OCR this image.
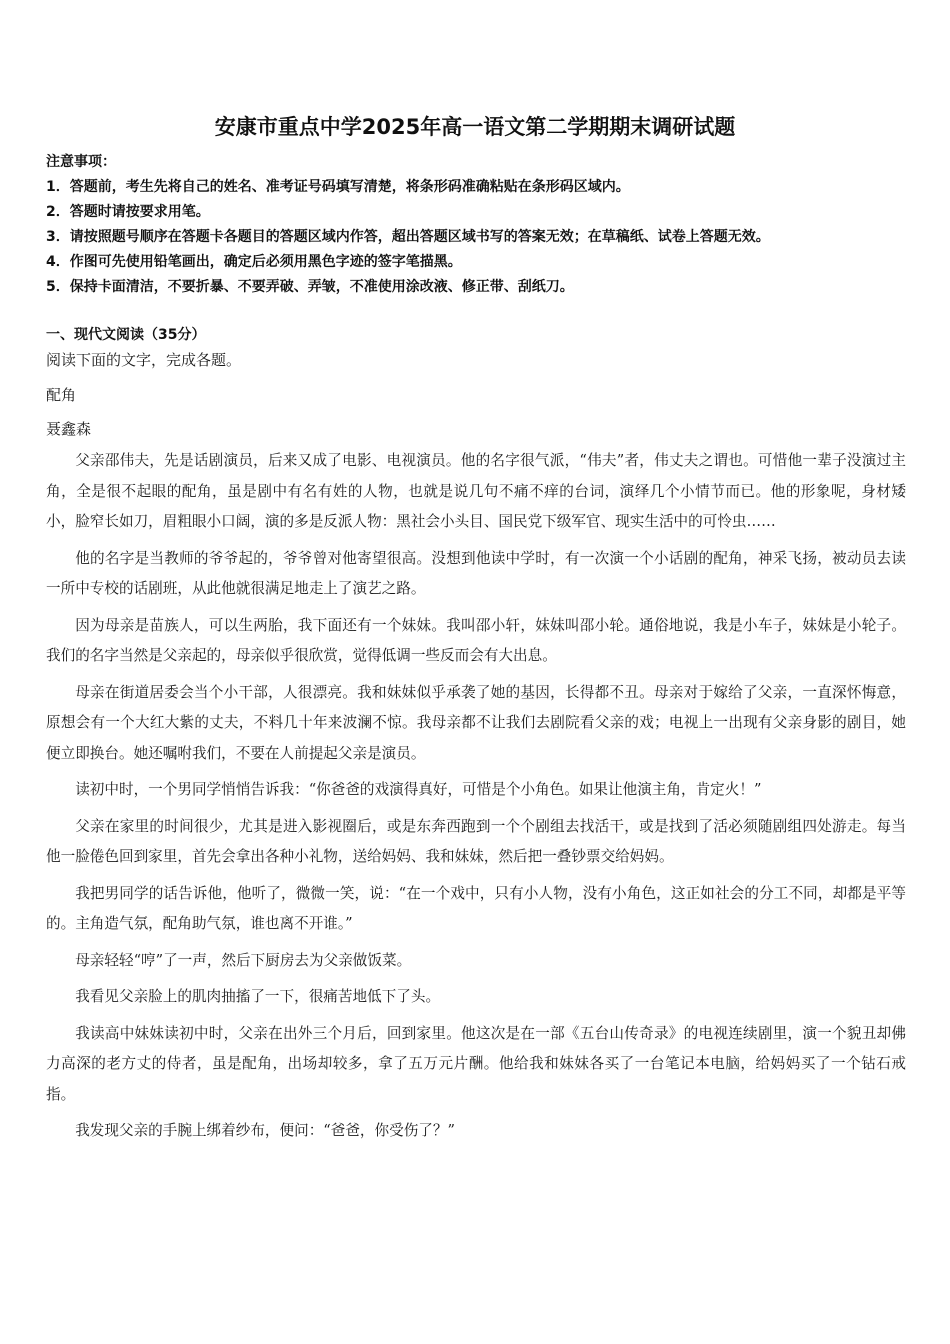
安康市重点中学2025年高一语文第二学期期末调研试题
注意事项：
1．答题前，考生先将自己的姓名、准考证号码填写清楚，将条形码准确粘贴在条形码区域内。
2．答题时请按要求用笔。
3．请按照题号顺序在答题卡各题目的答题区域内作答，超出答题区域书写的答案无效；在草稿纸、试卷上答题无效。
4．作图可先使用铅笔画出，确定后必须用黑色字迹的签字笔描黑。
5．保持卡面清洁，不要折暴、不要弄破、弄皱，不准使用涂改液、修正带、刮纸刀。
一、现代文阅读（35分）
阅读下面的文字，完成各题。
配角
聂鑫森

父亲邵伟夫，先是话剧演员，后来又成了电影、电视演员。他的名字很气派，“伟夫”者，伟丈夫之谓也。可惜他一辈子没演过主角，全是很不起眼的配角，虽是剧中有名有姓的人物，也就是说几句不痛不痒的台词，演绎几个小情节而已。他的形象呢，身材矮小，脸窄长如刀，眉粗眼小口阔，演的多是反派人物：黑社会小头目、国民党下级军官、现实生活中的可怜虫……

他的名字是当教师的爷爷起的，爷爷曾对他寄望很高。没想到他读中学时，有一次演一个小话剧的配角，神采飞扬，被动员去读一所中专校的话剧班，从此他就很满足地走上了演艺之路。

因为母亲是苗族人，可以生两胎，我下面还有一个妹妹。我叫邵小轩，妹妹叫邵小轮。通俗地说，我是小车子，妹妹是小轮子。我们的名字当然是父亲起的，母亲似乎很欣赏，觉得低调一些反而会有大出息。

母亲在街道居委会当个小干部，人很漂亮。我和妹妹似乎承袭了她的基因，长得都不丑。母亲对于嫁给了父亲，一直深怀悔意，原想会有一个大红大紫的丈夫，不料几十年来波澜不惊。我母亲都不让我们去剧院看父亲的戏；电视上一出现有父亲身影的剧目，她便立即换台。她还嘱咐我们，不要在人前提起父亲是演员。

读初中时，一个男同学悄悄告诉我：“你爸爸的戏演得真好，可惜是个小角色。如果让他演主角，肯定火！”

父亲在家里的时间很少，尤其是进入影视圈后，或是东奔西跑到一个个剧组去找活干，或是找到了活必须随剧组四处游走。每当他一脸倦色回到家里，首先会拿出各种小礼物，送给妈妈、我和妹妹，然后把一叠钞票交给妈妈。

我把男同学的话告诉他，他听了，微微一笑，说：“在一个戏中，只有小人物，没有小角色，这正如社会的分工不同，却都是平等的。主角造气氛，配角助气氛，谁也离不开谁。”

母亲轻轻“哼”了一声，然后下厨房去为父亲做饭菜。

我看见父亲脸上的肌肉抽搐了一下，很痛苦地低下了头。

我读高中妹妹读初中时，父亲在出外三个月后，回到家里。他这次是在一部《五台山传奇录》的电视连续剧里，演一个貌丑却佛力高深的老方丈的侍者，虽是配角，出场却较多，拿了五万元片酬。他给我和妹妹各买了一台笔记本电脑，给妈妈买了一个钻石戒指。

我发现父亲的手腕上绑着纱布，便问：“爸爸，你受伤了？”
